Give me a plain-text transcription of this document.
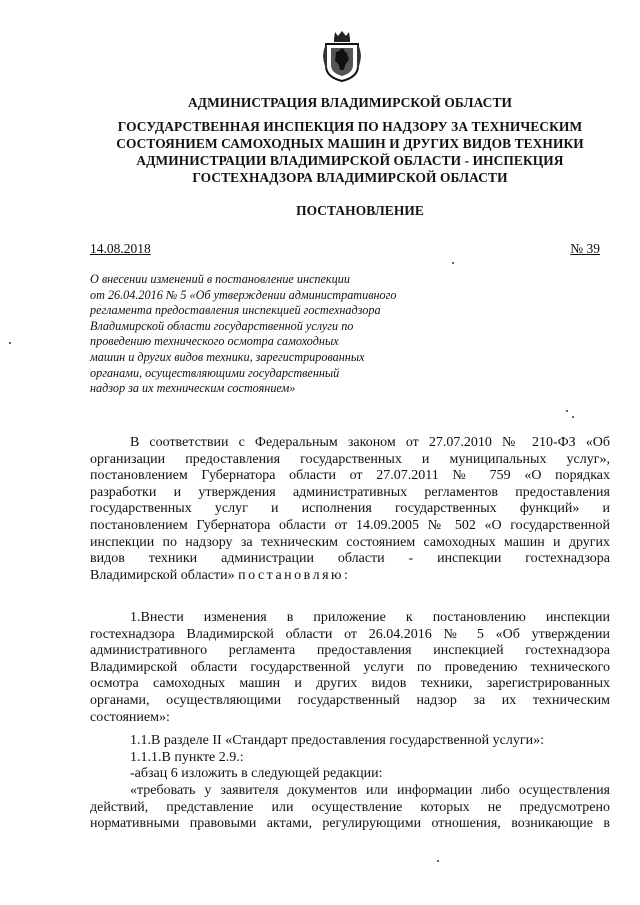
АДМИНИСТРАЦИЯ ВЛАДИМИРСКОЙ ОБЛАСТИ
ГОСУДАРСТВЕННАЯ ИНСПЕКЦИЯ ПО НАДЗОРУ ЗА ТЕХНИЧЕСКИМ
СОСТОЯНИЕМ САМОХОДНЫХ МАШИН И ДРУГИХ ВИДОВ ТЕХНИКИ
АДМИНИСТРАЦИИ ВЛАДИМИРСКОЙ ОБЛАСТИ - ИНСПЕКЦИЯ
ГОСТЕХНАДЗОРА ВЛАДИМИРСКОЙ ОБЛАСТИ
ПОСТАНОВЛЕНИЕ
14.08.2018	№ 39
О внесении изменений в постановление инспекции
от 26.04.2016 № 5 «Об утверждении административного
регламента предоставления инспекцией гостехнадзора
Владимирской области государственной услуги по
проведению технического осмотра самоходных
машин и других видов техники, зарегистрированных
органами, осуществляющими государственный
надзор за их техническим состоянием»
В соответствии с Федеральным законом от 27.07.2010 № 210-ФЗ «Об
организации предоставления государственных и муниципальных услуг»,
постановлением Губернатора области от 27.07.2011 № 759 «О порядках
разработки и утверждения административных регламентов предоставления
государственных услуг и исполнения государственных функций» и
постановлением Губернатора области от 14.09.2005 № 502 «О государственной
инспекции по надзору за техническим состоянием самоходных машин и других
видов техники администрации области - инспекции гостехнадзора
Владимирской области» постановляю:
1.Внести изменения в приложение к постановлению инспекции
гостехнадзора Владимирской области от 26.04.2016 № 5 «Об утверждении
административного регламента предоставления инспекцией гостехнадзора
Владимирской области государственной услуги по проведению технического
осмотра самоходных машин и других видов техники, зарегистрированных
органами, осуществляющими государственный надзор за их техническим
состоянием»:
1.1.В разделе II «Стандарт предоставления государственной услуги»:
1.1.1.В пункте 2.9.:
-абзац 6 изложить в следующей редакции:
«требовать у заявителя документов или информации либо осуществления
действий, представление или осуществление которых не предусмотрено
нормативными правовыми актами, регулирующими отношения, возникающие в
